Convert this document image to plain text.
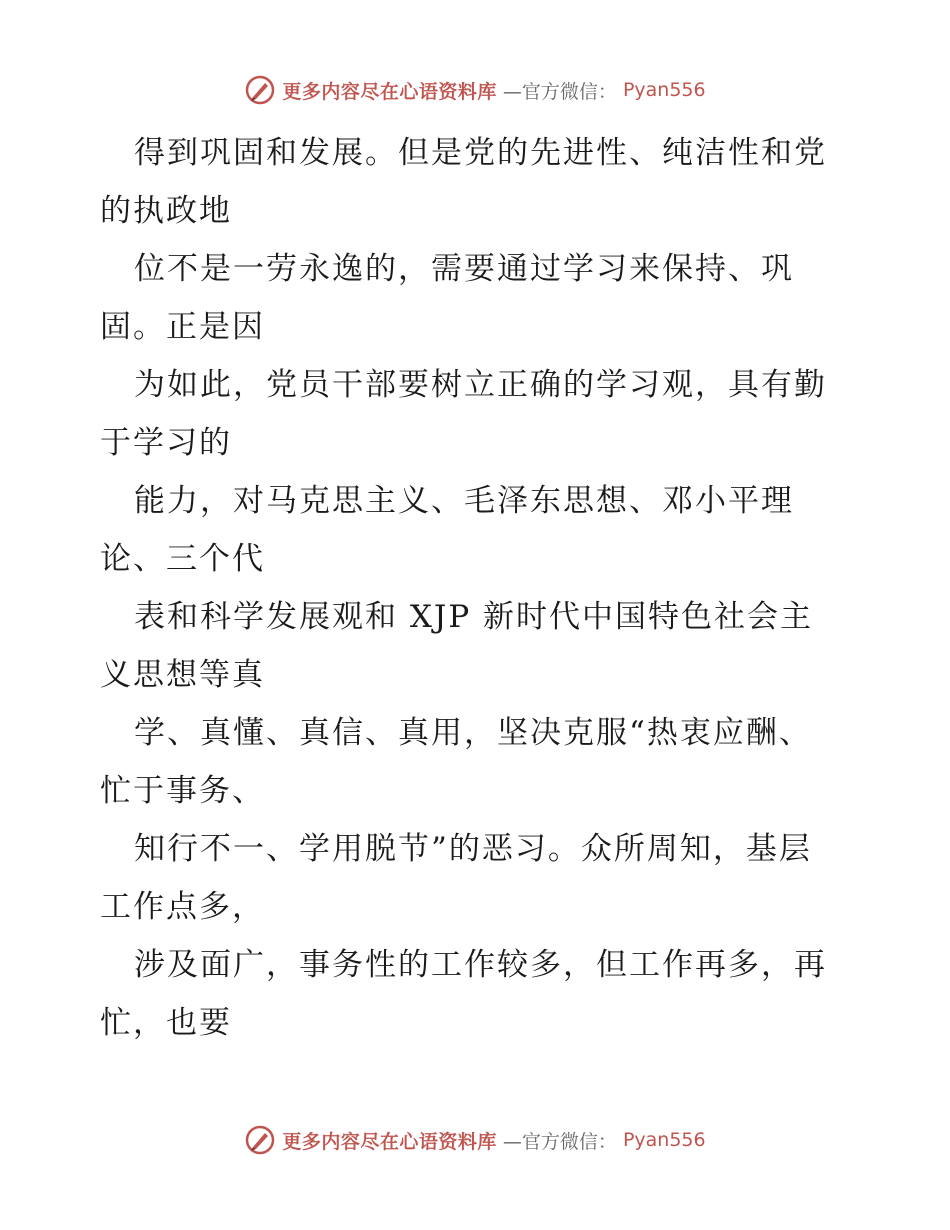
更多内容尽在心语资料库 —官方微信： Pyan556
得到巩固和发展。但是党的先进性、纯洁性和党
的执政地
位不是一劳永逸的，需要通过学习来保持、巩
固。正是因
为如此，党员干部要树立正确的学习观，具有勤
于学习的
能力，对马克思主义、毛泽东思想、邓小平理
论、三个代
表和科学发展观和 XJP 新时代中国特色社会主
义思想等真
学、真懂、真信、真用，坚决克服“热衷应酬、
忙于事务、
知行不一、学用脱节”的恶习。众所周知，基层
工作点多，
涉及面广，事务性的工作较多，但工作再多，再
忙，也要
更多内容尽在心语资料库 —官方微信： Pyan556
